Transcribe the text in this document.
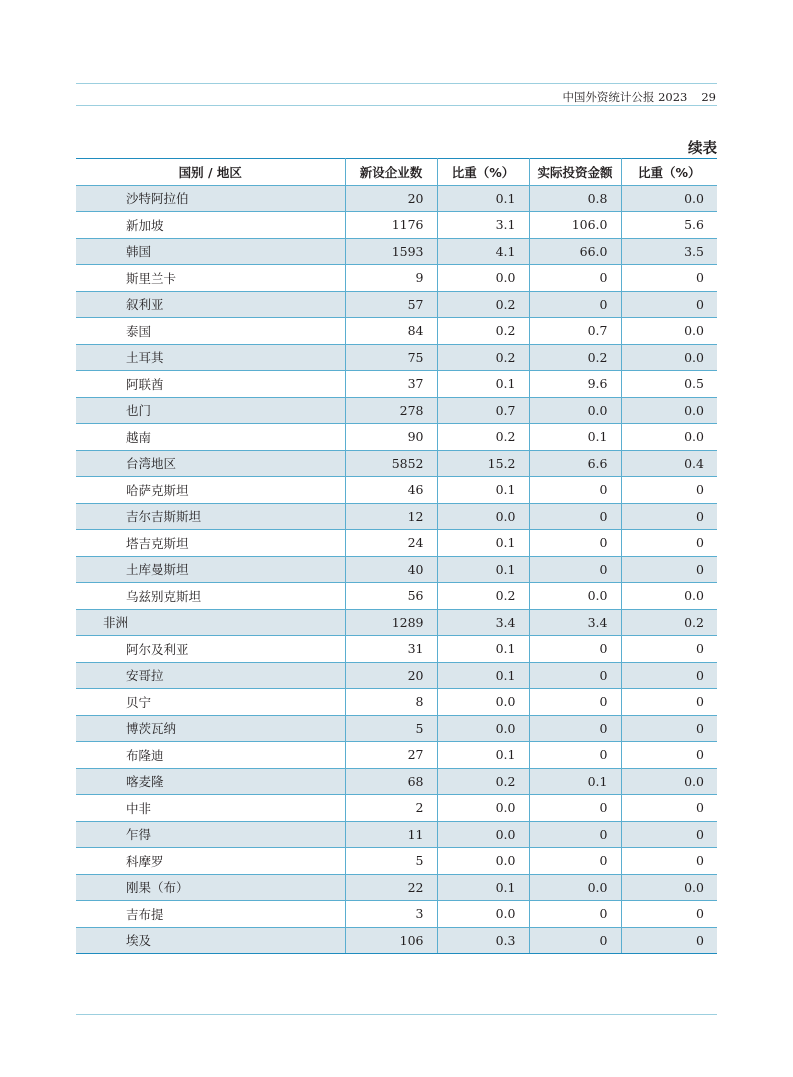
中国外资统计公报 2023 29
续表
国别 / 地区	新设企业数	比重（%）	实际投资金额	比重（%）
沙特阿拉伯	20	0.1	0.8	0.0
新加坡	1176	3.1	106.0	5.6
韩国	1593	4.1	66.0	3.5
斯里兰卡	9	0.0	0	0
叙利亚	57	0.2	0	0
泰国	84	0.2	0.7	0.0
土耳其	75	0.2	0.2	0.0
阿联酋	37	0.1	9.6	0.5
也门	278	0.7	0.0	0.0
越南	90	0.2	0.1	0.0
台湾地区	5852	15.2	6.6	0.4
哈萨克斯坦	46	0.1	0	0
吉尔吉斯斯坦	12	0.0	0	0
塔吉克斯坦	24	0.1	0	0
土库曼斯坦	40	0.1	0	0
乌兹别克斯坦	56	0.2	0.0	0.0
非洲	1289	3.4	3.4	0.2
阿尔及利亚	31	0.1	0	0
安哥拉	20	0.1	0	0
贝宁	8	0.0	0	0
博茨瓦纳	5	0.0	0	0
布隆迪	27	0.1	0	0
喀麦隆	68	0.2	0.1	0.0
中非	2	0.0	0	0
乍得	11	0.0	0	0
科摩罗	5	0.0	0	0
刚果（布）	22	0.1	0.0	0.0
吉布提	3	0.0	0	0
埃及	106	0.3	0	0
